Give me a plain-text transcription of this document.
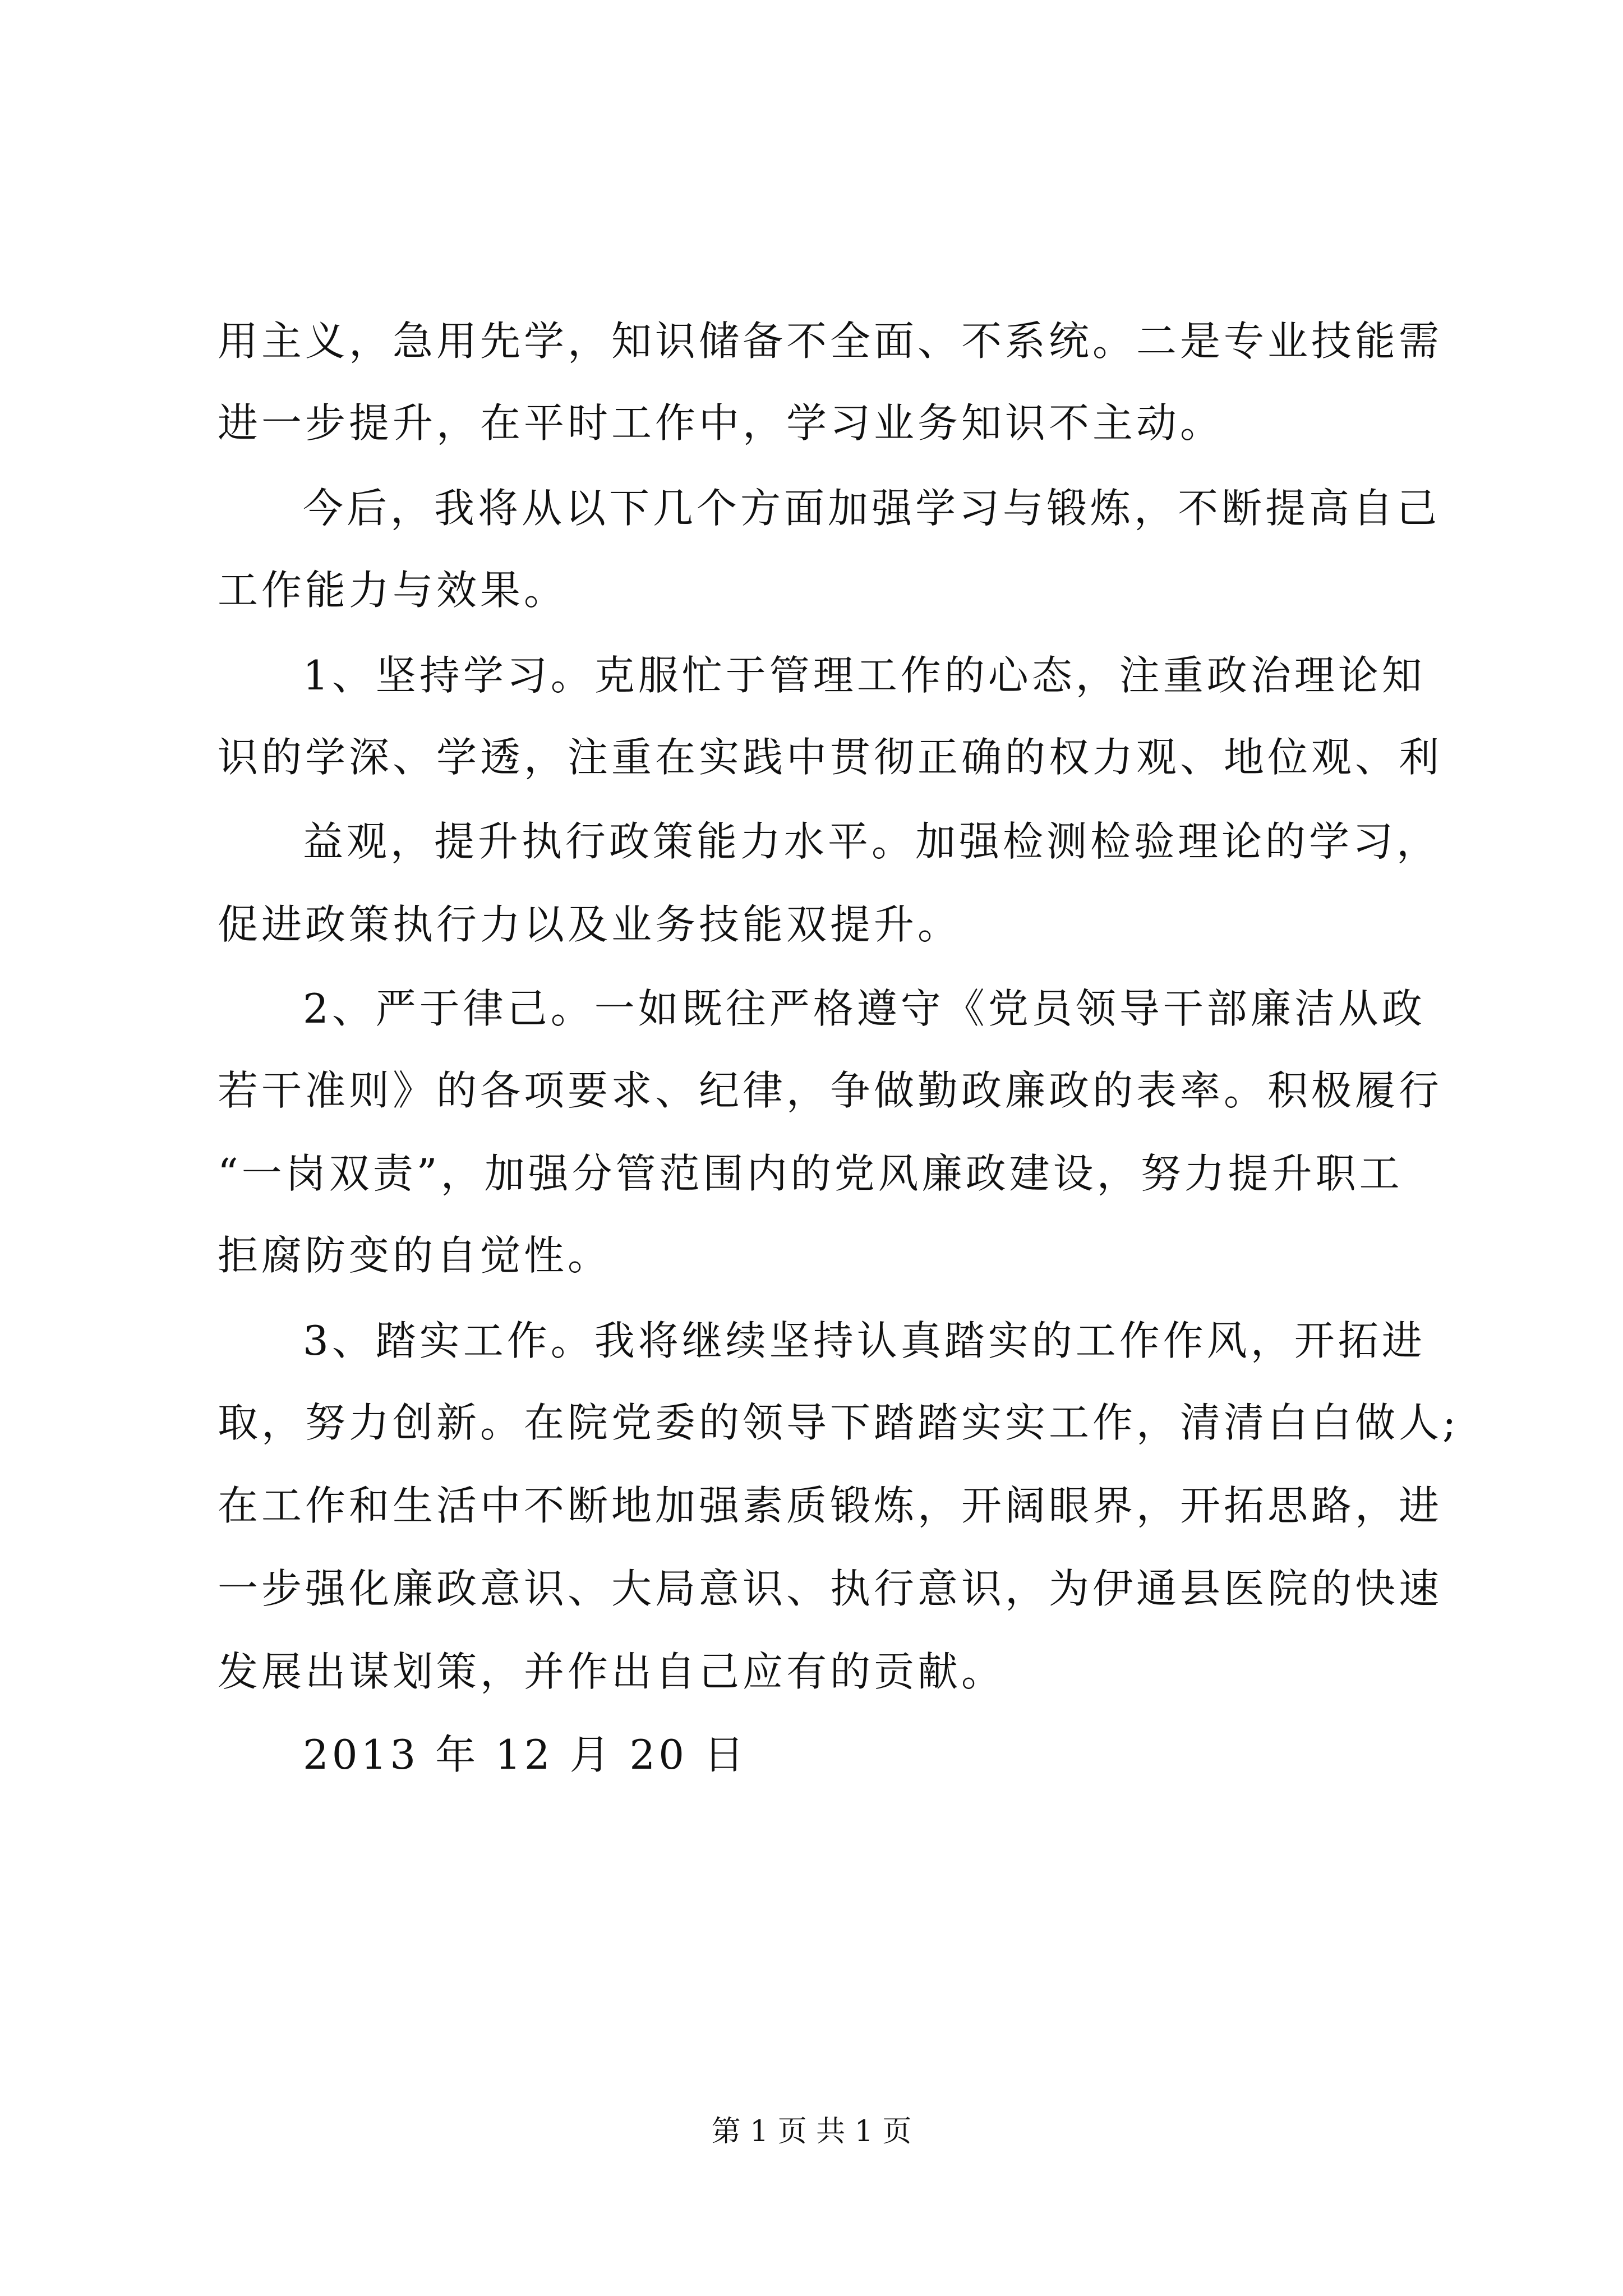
用主义，急用先学，知识储备不全面、不系统。二是专业技能需
进一步提升，在平时工作中，学习业务知识不主动。
今后，我将从以下几个方面加强学习与锻炼，不断提高自己
工作能力与效果。
1、坚持学习。克服忙于管理工作的心态，注重政治理论知
识的学深、学透，注重在实践中贯彻正确的权力观、地位观、利
益观，提升执行政策能力水平。加强检测检验理论的学习，
促进政策执行力以及业务技能双提升。
2、严于律己。一如既往严格遵守《党员领导干部廉洁从政
若干准则》的各项要求、纪律，争做勤政廉政的表率。积极履行
“一岗双责”，加强分管范围内的党风廉政建设，努力提升职工
拒腐防变的自觉性。
3、踏实工作。我将继续坚持认真踏实的工作作风，开拓进
取，努力创新。在院党委的领导下踏踏实实工作，清清白白做人;
在工作和生活中不断地加强素质锻炼，开阔眼界，开拓思路，进
一步强化廉政意识、大局意识、执行意识，为伊通县医院的快速
发展出谋划策，并作出自己应有的贡献。
2013 年 12 月 20 日
第 1 页 共 1 页
